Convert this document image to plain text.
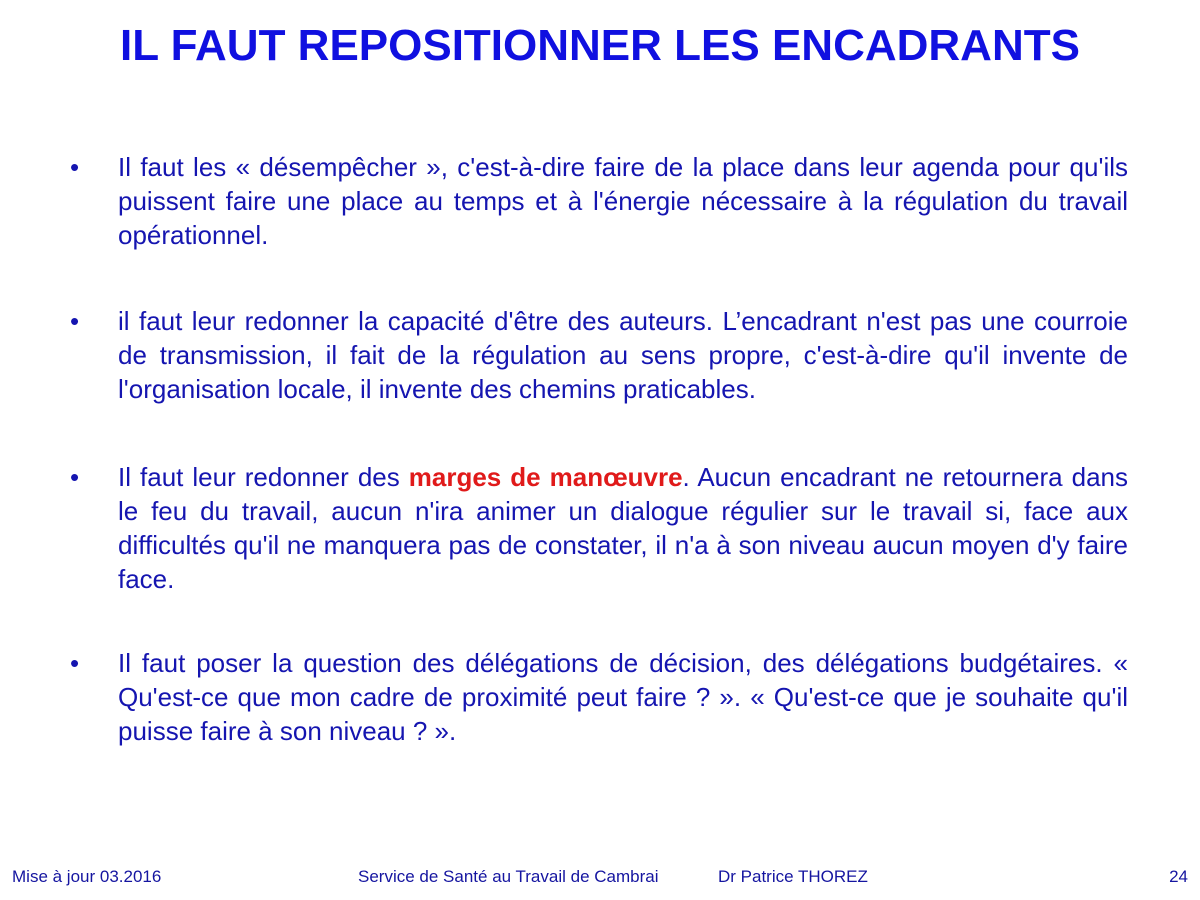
IL FAUT REPOSITIONNER LES ENCADRANTS
• Il faut les « désempêcher », c'est-à-dire faire de la place dans leur agenda pour qu'ils puissent faire une place au temps et à l'énergie nécessaire à la régulation du travail opérationnel.
• il faut leur redonner la capacité d'être des auteurs. L’encadrant n'est pas une courroie de transmission, il fait de la régulation au sens propre, c'est-à-dire qu'il invente de l'organisation locale, il invente des chemins praticables.
• Il faut leur redonner des marges de manœuvre. Aucun encadrant ne retournera dans le feu du travail, aucun n'ira animer un dialogue régulier sur le travail si, face aux difficultés qu'il ne manquera pas de constater, il n'a à son niveau aucun moyen d'y faire face.
• Il faut poser la question des délégations de décision, des délégations budgétaires. « Qu'est-ce que mon cadre de proximité peut faire ? ». « Qu'est-ce que je souhaite qu'il puisse faire à son niveau ? ».
Mise à jour 03.2016	Service de Santé au Travail de Cambrai	Dr Patrice THOREZ	24
